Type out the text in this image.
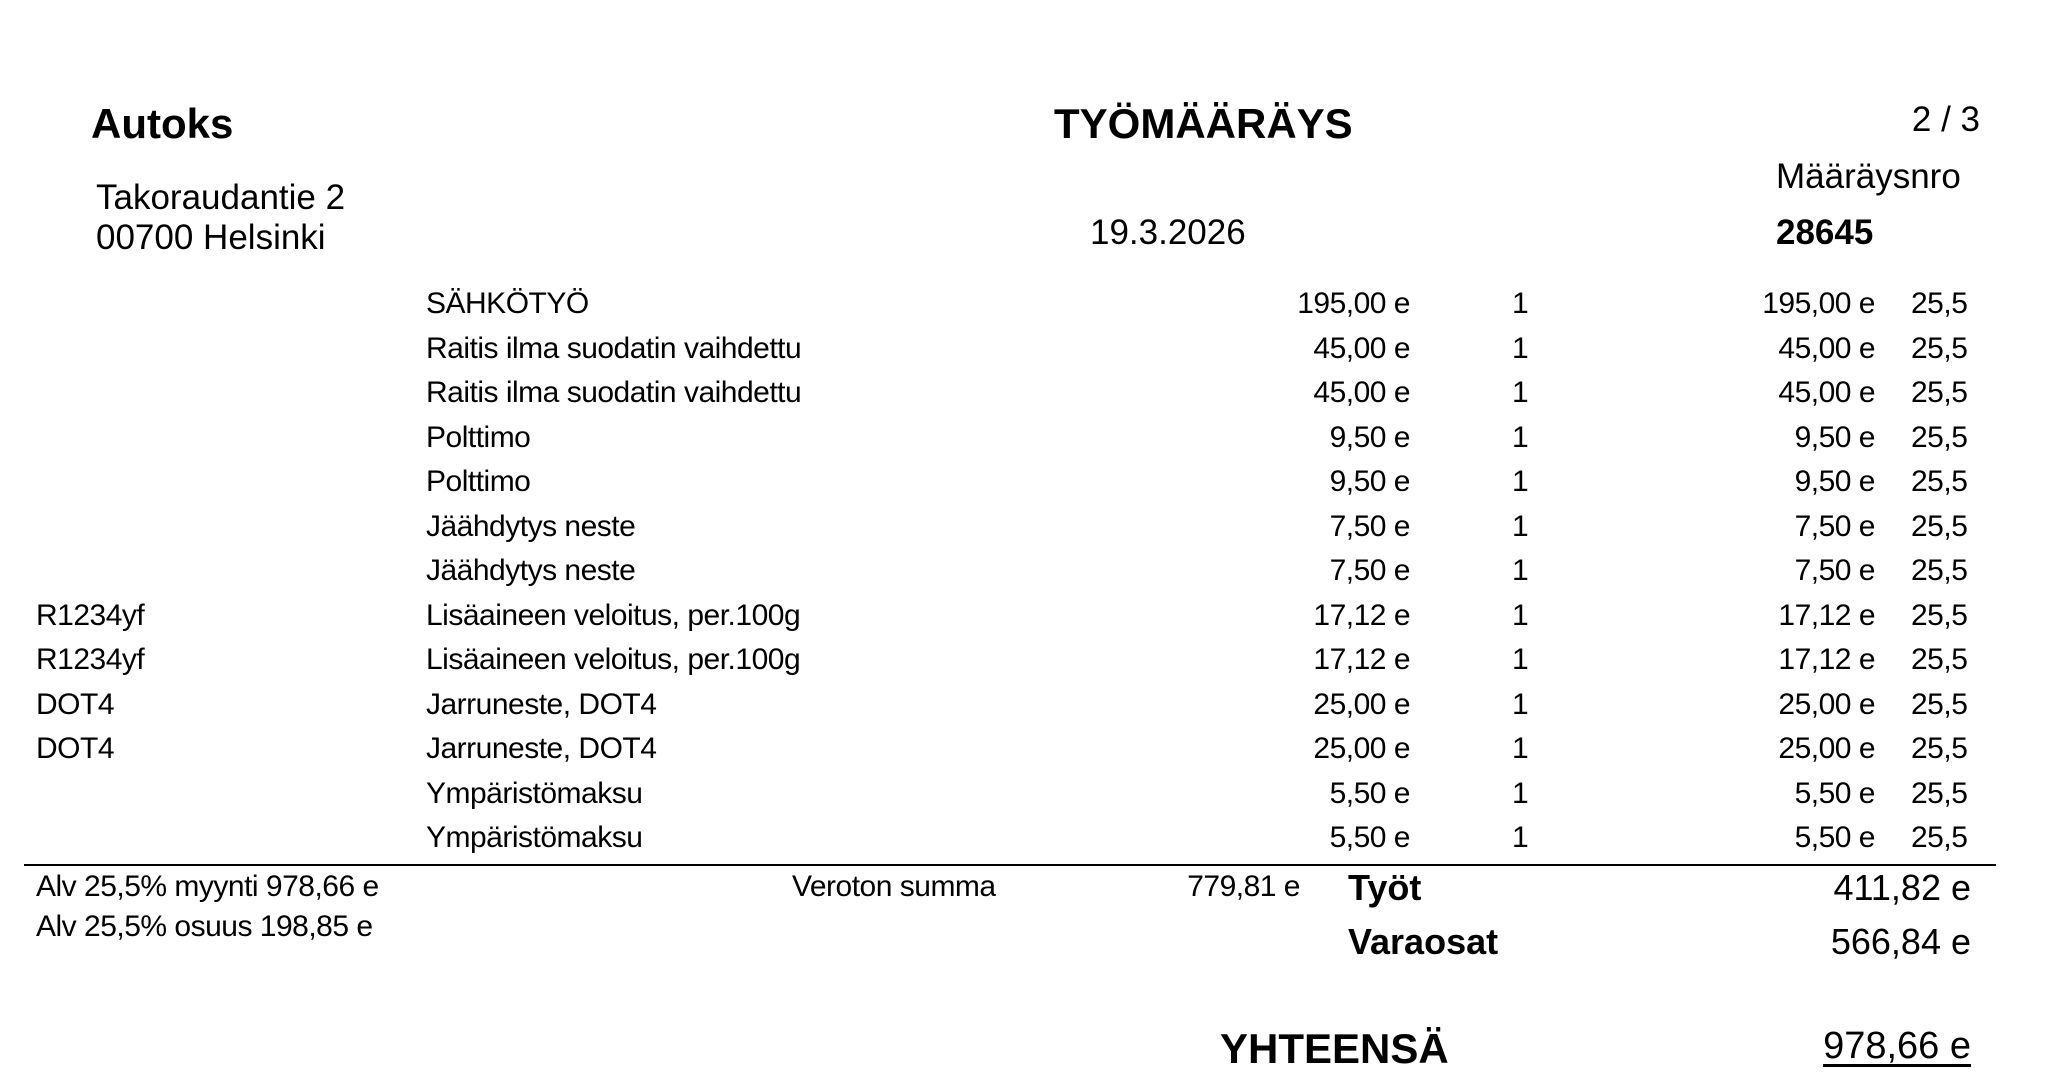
Autoks	TYÖMÄÄRÄYS	2 / 3
Takoraudantie 2
00700 Helsinki	19.3.2026
Määräysnro
28645
SÄHKÖTYÖ	195,00 e	1	195,00 e 25,5
Raitis ilma suodatin vaihdettu	45,00 e	1	45,00 e 25,5
Raitis ilma suodatin vaihdettu	45,00 e	1	45,00 e 25,5
Polttimo	9,50 e	1	9,50 e 25,5
Polttimo	9,50 e	1	9,50 e 25,5
Jäähdytys neste	7,50 e	1	7,50 e 25,5
Jäähdytys neste	7,50 e	1	7,50 e 25,5
R1234yf	Lisäaineen veloitus, per.100g	17,12 e	1	17,12 e 25,5
R1234yf	Lisäaineen veloitus, per.100g	17,12 e	1	17,12 e 25,5
DOT4	Jarruneste, DOT4	25,00 e	1	25,00 e 25,5
DOT4	Jarruneste, DOT4	25,00 e	1	25,00 e 25,5
Ympäristömaksu	5,50 e	1	5,50 e 25,5
Ympäristömaksu	5,50 e	1	5,50 e 25,5
Alv 25,5% myynti 978,66 e
Alv 25,5% osuus 198,85 e
Veroton summa	779,81 e Työt	411,82 e
Varaosat	566,84 e
YHTEENSÄ	978,66 e
